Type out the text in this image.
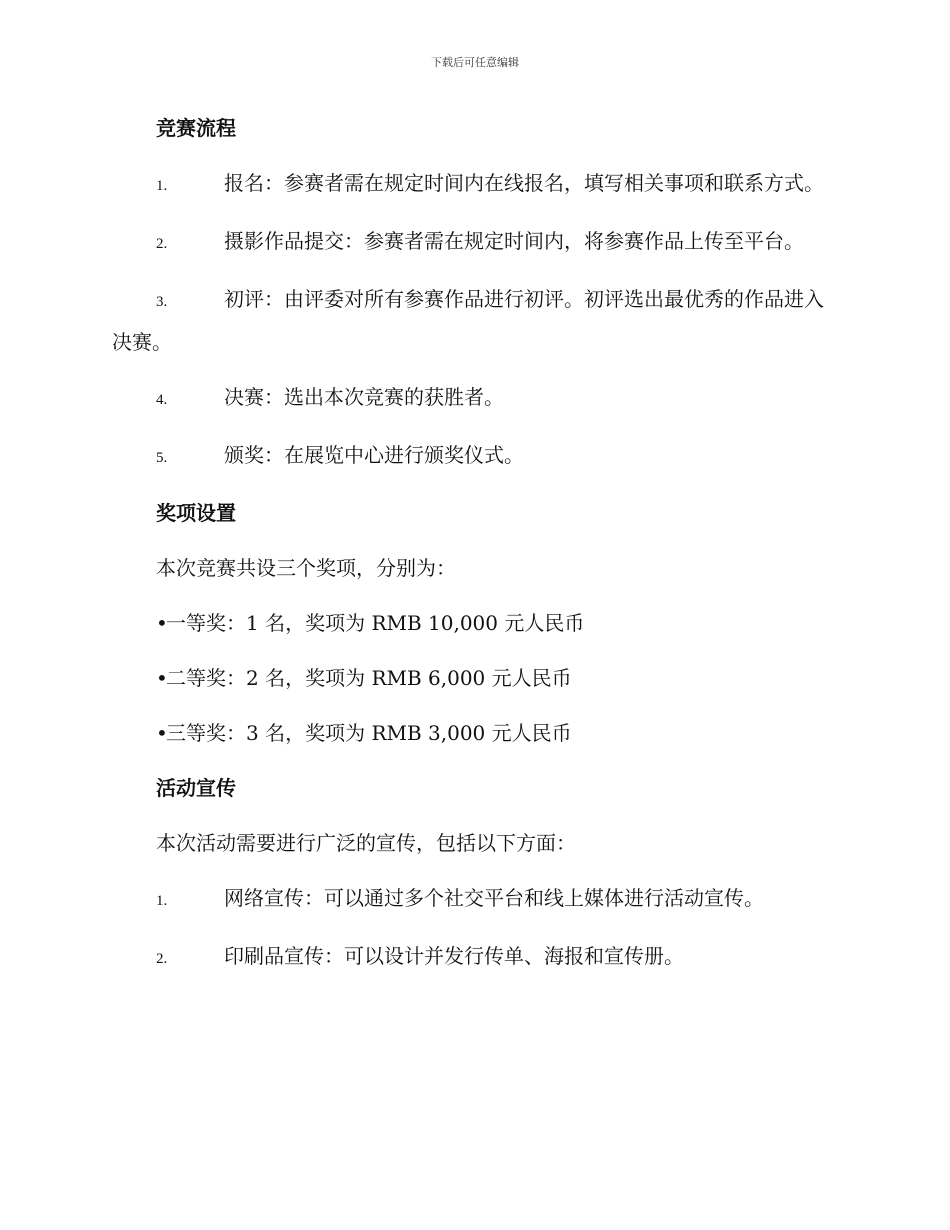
下载后可任意编辑
竞赛流程
1.	报名：参赛者需在规定时间内在线报名，填写相关事项和联系方式。
2.	摄影作品提交：参赛者需在规定时间内，将参赛作品上传至平台。
3.	初评：由评委对所有参赛作品进行初评。初评选出最优秀的作品进入决赛。
4.	决赛：选出本次竞赛的获胜者。
5.	颁奖：在展览中心进行颁奖仪式。
奖项设置
本次竞赛共设三个奖项，分别为：
•一等奖：1 名，奖项为 RMB 10,000 元人民币
•二等奖：2 名，奖项为 RMB 6,000 元人民币
•三等奖：3 名，奖项为 RMB 3,000 元人民币
活动宣传
本次活动需要进行广泛的宣传，包括以下方面：
1.	网络宣传：可以通过多个社交平台和线上媒体进行活动宣传。
2.	印刷品宣传：可以设计并发行传单、海报和宣传册。
